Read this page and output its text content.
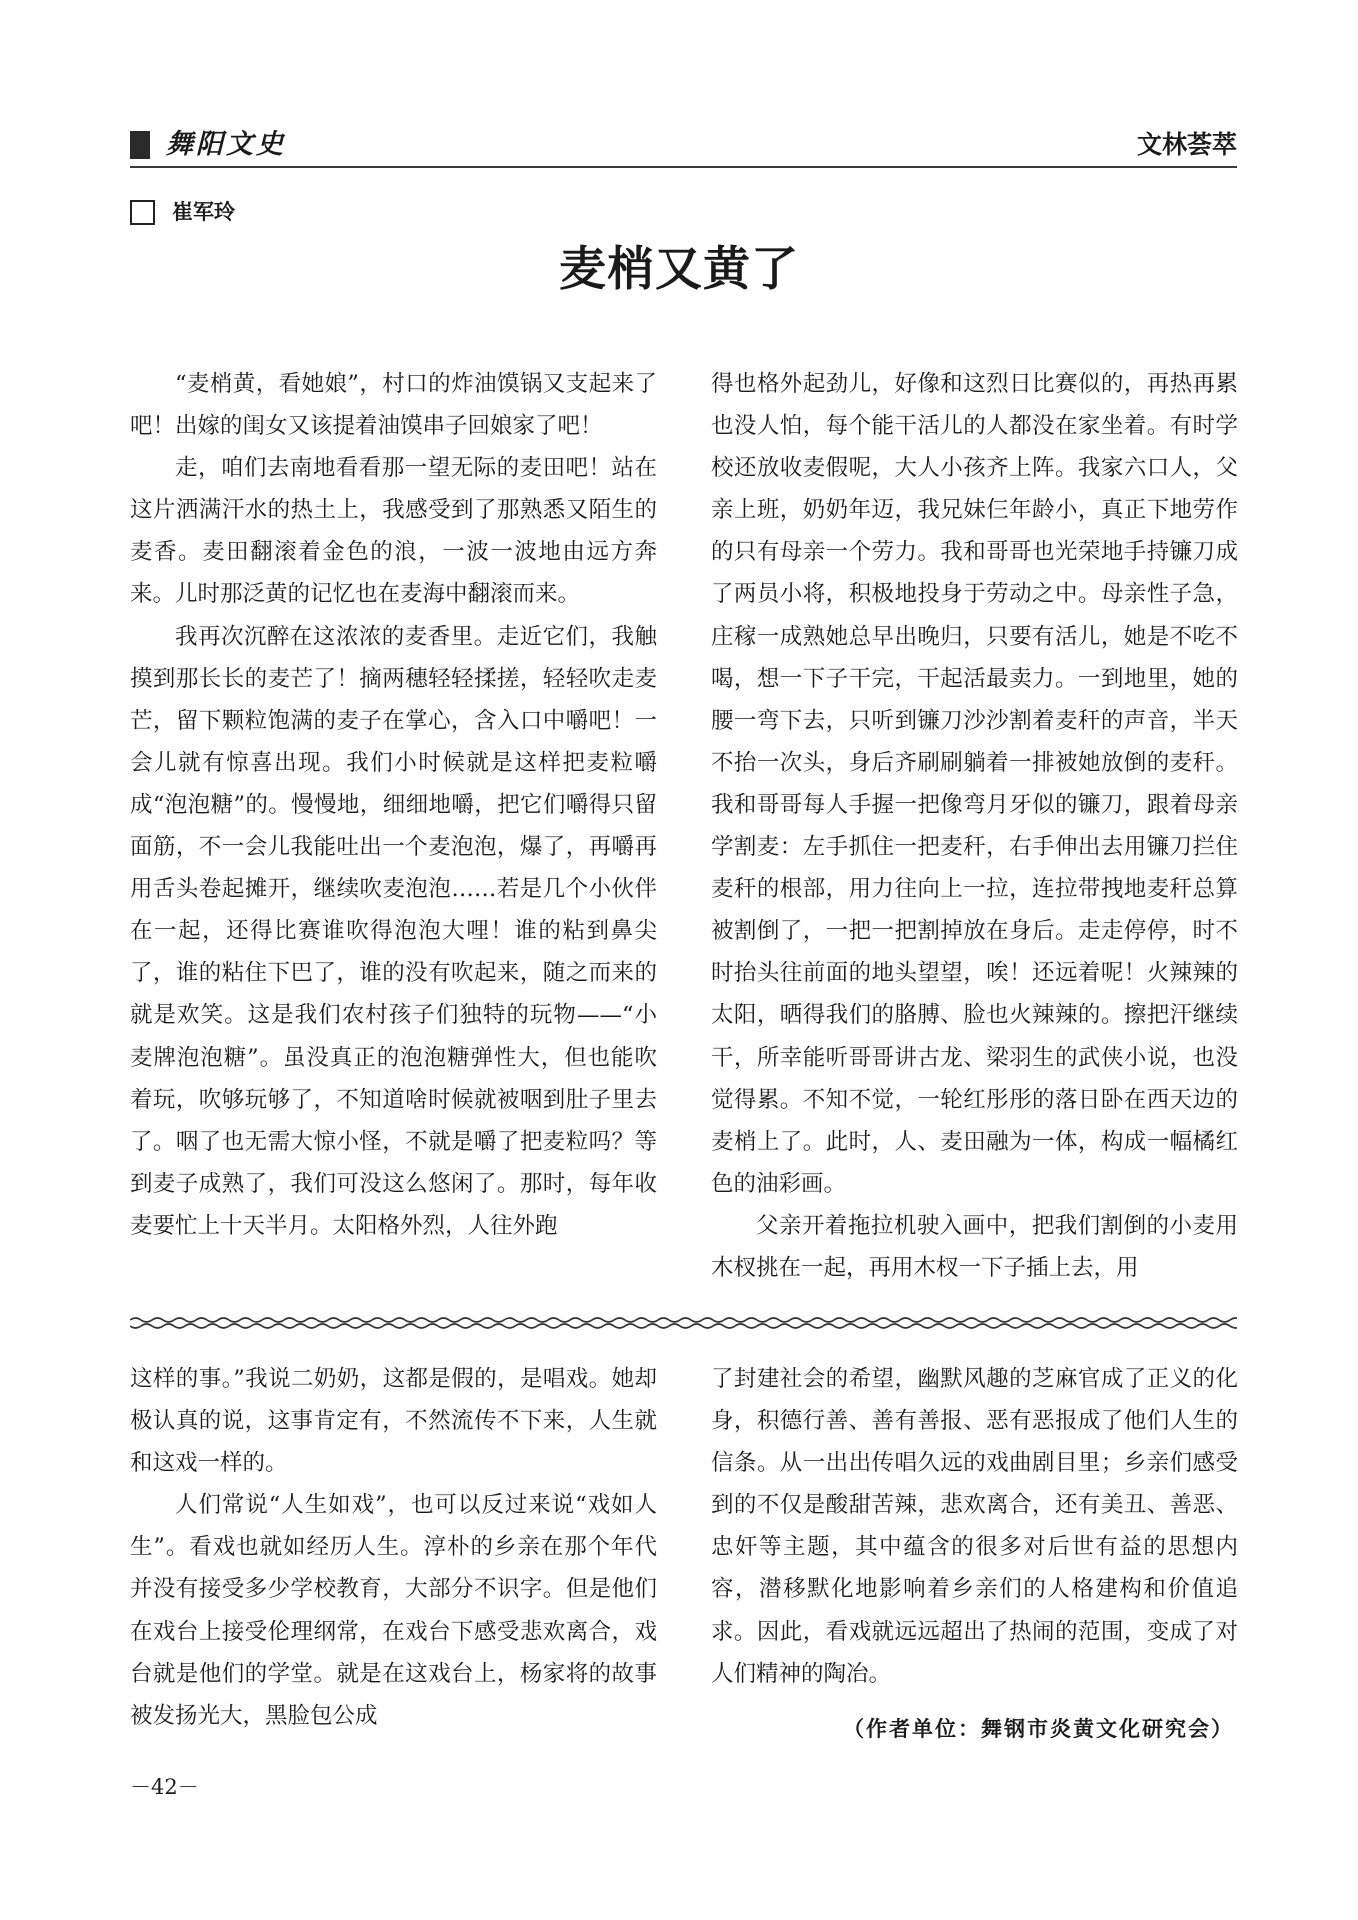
舞阳文史	文林荟萃
崔军玲
麦梢又黄了

“麦梢黄，看她娘”，村口的炸油馍锅又支起来了吧！出嫁的闺女又该提着油馍串子回娘家了吧！

走，咱们去南地看看那一望无际的麦田吧！站在这片洒满汗水的热土上，我感受到了那熟悉又陌生的麦香。麦田翻滚着金色的浪，一波一波地由远方奔来。儿时那泛黄的记忆也在麦海中翻滚而来。

我再次沉醉在这浓浓的麦香里。走近它们，我触摸到那长长的麦芒了！摘两穗轻轻揉搓，轻轻吹走麦芒，留下颗粒饱满的麦子在掌心，含入口中嚼吧！一会儿就有惊喜出现。我们小时候就是这样把麦粒嚼成“泡泡糖”的。慢慢地，细细地嚼，把它们嚼得只留面筋，不一会儿我能吐出一个麦泡泡，爆了，再嚼再用舌头卷起摊开，继续吹麦泡泡……若是几个小伙伴在一起，还得比赛谁吹得泡泡大哩！谁的粘到鼻尖了，谁的粘住下巴了，谁的没有吹起来，随之而来的就是欢笑。这是我们农村孩子们独特的玩物——“小麦牌泡泡糖”。虽没真正的泡泡糖弹性大，但也能吹着玩，吹够玩够了，不知道啥时候就被咽到肚子里去了。咽了也无需大惊小怪，不就是嚼了把麦粒吗？等到麦子成熟了，我们可没这么悠闲了。那时，每年收麦要忙上十天半月。太阳格外烈，人往外跑

得也格外起劲儿，好像和这烈日比赛似的，再热再累也没人怕，每个能干活儿的人都没在家坐着。有时学校还放收麦假呢，大人小孩齐上阵。我家六口人，父亲上班，奶奶年迈，我兄妹仨年龄小，真正下地劳作的只有母亲一个劳力。我和哥哥也光荣地手持镰刀成了两员小将，积极地投身于劳动之中。母亲性子急，庄稼一成熟她总早出晚归，只要有活儿，她是不吃不喝，想一下子干完，干起活最卖力。一到地里，她的腰一弯下去，只听到镰刀沙沙割着麦秆的声音，半天不抬一次头，身后齐刷刷躺着一排被她放倒的麦秆。我和哥哥每人手握一把像弯月牙似的镰刀，跟着母亲学割麦：左手抓住一把麦秆，右手伸出去用镰刀拦住麦秆的根部，用力往向上一拉，连拉带拽地麦秆总算被割倒了，一把一把割掉放在身后。走走停停，时不时抬头往前面的地头望望，唉！还远着呢！火辣辣的太阳，晒得我们的胳膊、脸也火辣辣的。擦把汗继续干，所幸能听哥哥讲古龙、梁羽生的武侠小说，也没觉得累。不知不觉，一轮红彤彤的落日卧在西天边的麦梢上了。此时，人、麦田融为一体，构成一幅橘红色的油彩画。

父亲开着拖拉机驶入画中，把我们割倒的小麦用木杈挑在一起，再用木杈一下子插上去，用

这样的事。”我说二奶奶，这都是假的，是唱戏。她却极认真的说，这事肯定有，不然流传不下来，人生就和这戏一样的。

人们常说“人生如戏”，也可以反过来说“戏如人生”。看戏也就如经历人生。淳朴的乡亲在那个年代并没有接受多少学校教育，大部分不识字。但是他们在戏台上接受伦理纲常，在戏台下感受悲欢离合，戏台就是他们的学堂。就是在这戏台上，杨家将的故事被发扬光大，黑脸包公成

了封建社会的希望，幽默风趣的芝麻官成了正义的化身，积德行善、善有善报、恶有恶报成了他们人生的信条。从一出出传唱久远的戏曲剧目里；乡亲们感受到的不仅是酸甜苦辣，悲欢离合，还有美丑、善恶、忠奸等主题，其中蕴含的很多对后世有益的思想内容，潜移默化地影响着乡亲们的人格建构和价值追求。因此，看戏就远远超出了热闹的范围，变成了对人们精神的陶冶。

（作者单位：舞钢市炎黄文化研究会）
－42－
